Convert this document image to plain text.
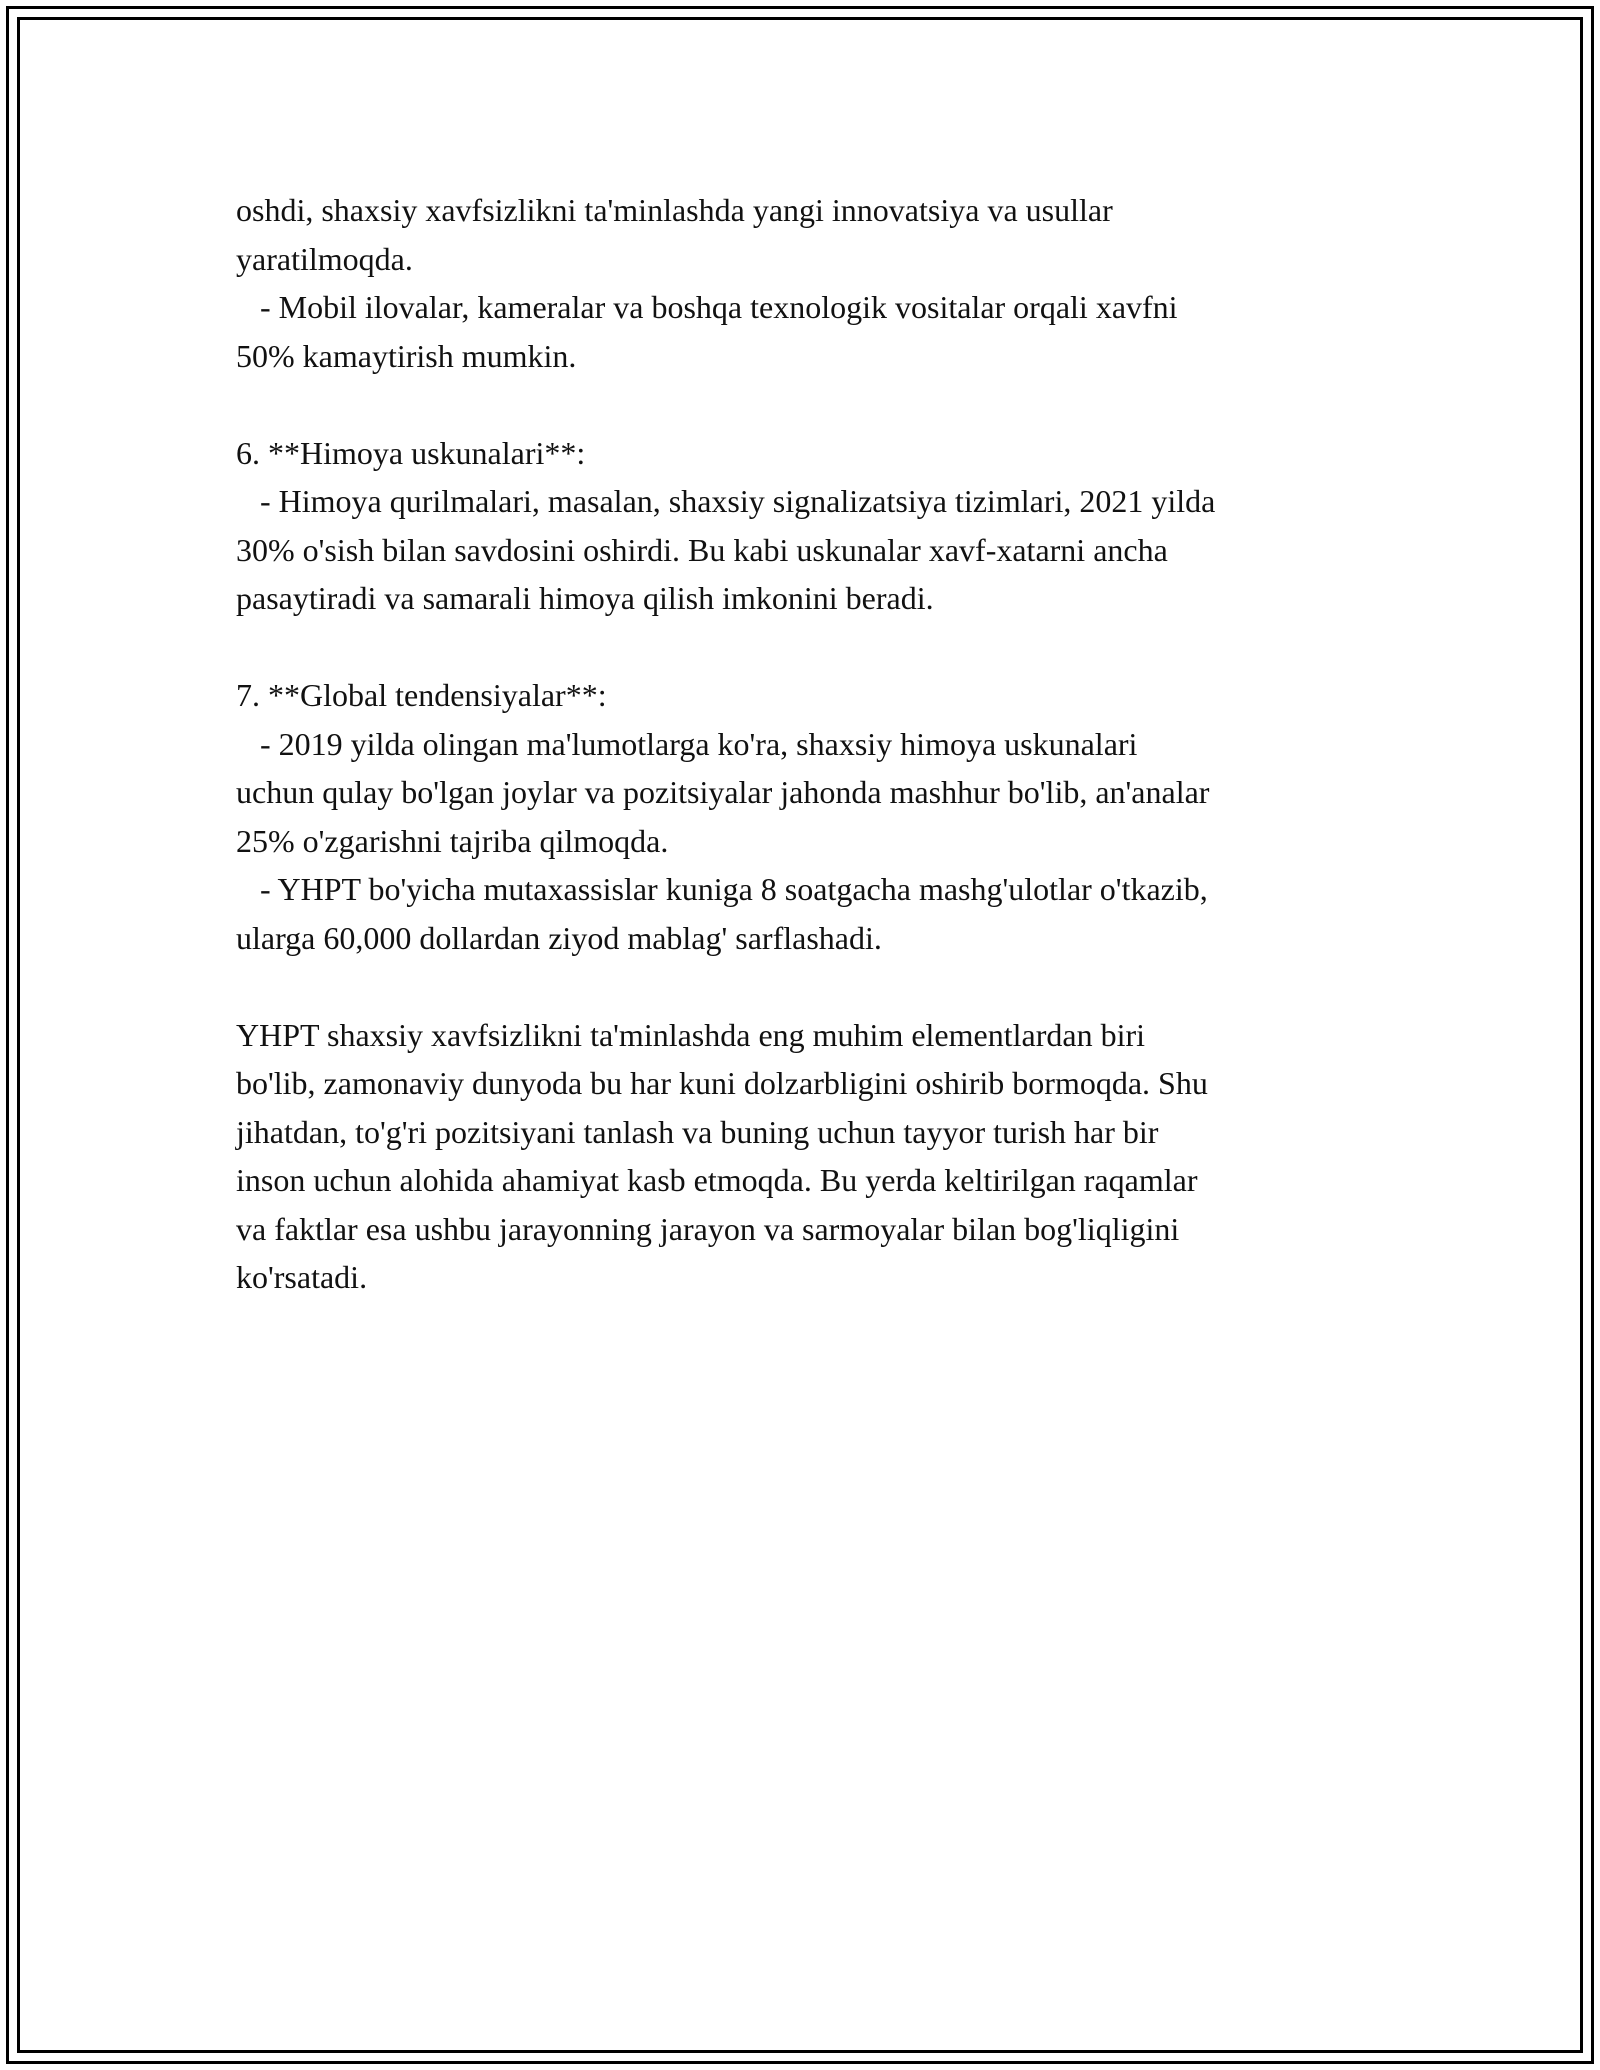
oshdi, shaxsiy xavfsizlikni ta'minlashda yangi innovatsiya va usullar
yaratilmoqda.
- Mobil ilovalar, kameralar va boshqa texnologik vositalar orqali xavfni
50% kamaytirish mumkin.
6. **Himoya uskunalari**:
- Himoya qurilmalari, masalan, shaxsiy signalizatsiya tizimlari, 2021 yilda
30% o'sish bilan savdosini oshirdi. Bu kabi uskunalar xavf-xatarni ancha
pasaytiradi va samarali himoya qilish imkonini beradi.
7. **Global tendensiyalar**:
- 2019 yilda olingan ma'lumotlarga ko'ra, shaxsiy himoya uskunalari
uchun qulay bo'lgan joylar va pozitsiyalar jahonda mashhur bo'lib, an'analar
25% o'zgarishni tajriba qilmoqda.
- YHPT bo'yicha mutaxassislar kuniga 8 soatgacha mashg'ulotlar o'tkazib,
ularga 60,000 dollardan ziyod mablag' sarflashadi.
YHPT shaxsiy xavfsizlikni ta'minlashda eng muhim elementlardan biri
bo'lib, zamonaviy dunyoda bu har kuni dolzarbligini oshirib bormoqda. Shu
jihatdan, to'g'ri pozitsiyani tanlash va buning uchun tayyor turish har bir
inson uchun alohida ahamiyat kasb etmoqda. Bu yerda keltirilgan raqamlar
va faktlar esa ushbu jarayonning jarayon va sarmoyalar bilan bog'liqligini
ko'rsatadi.
